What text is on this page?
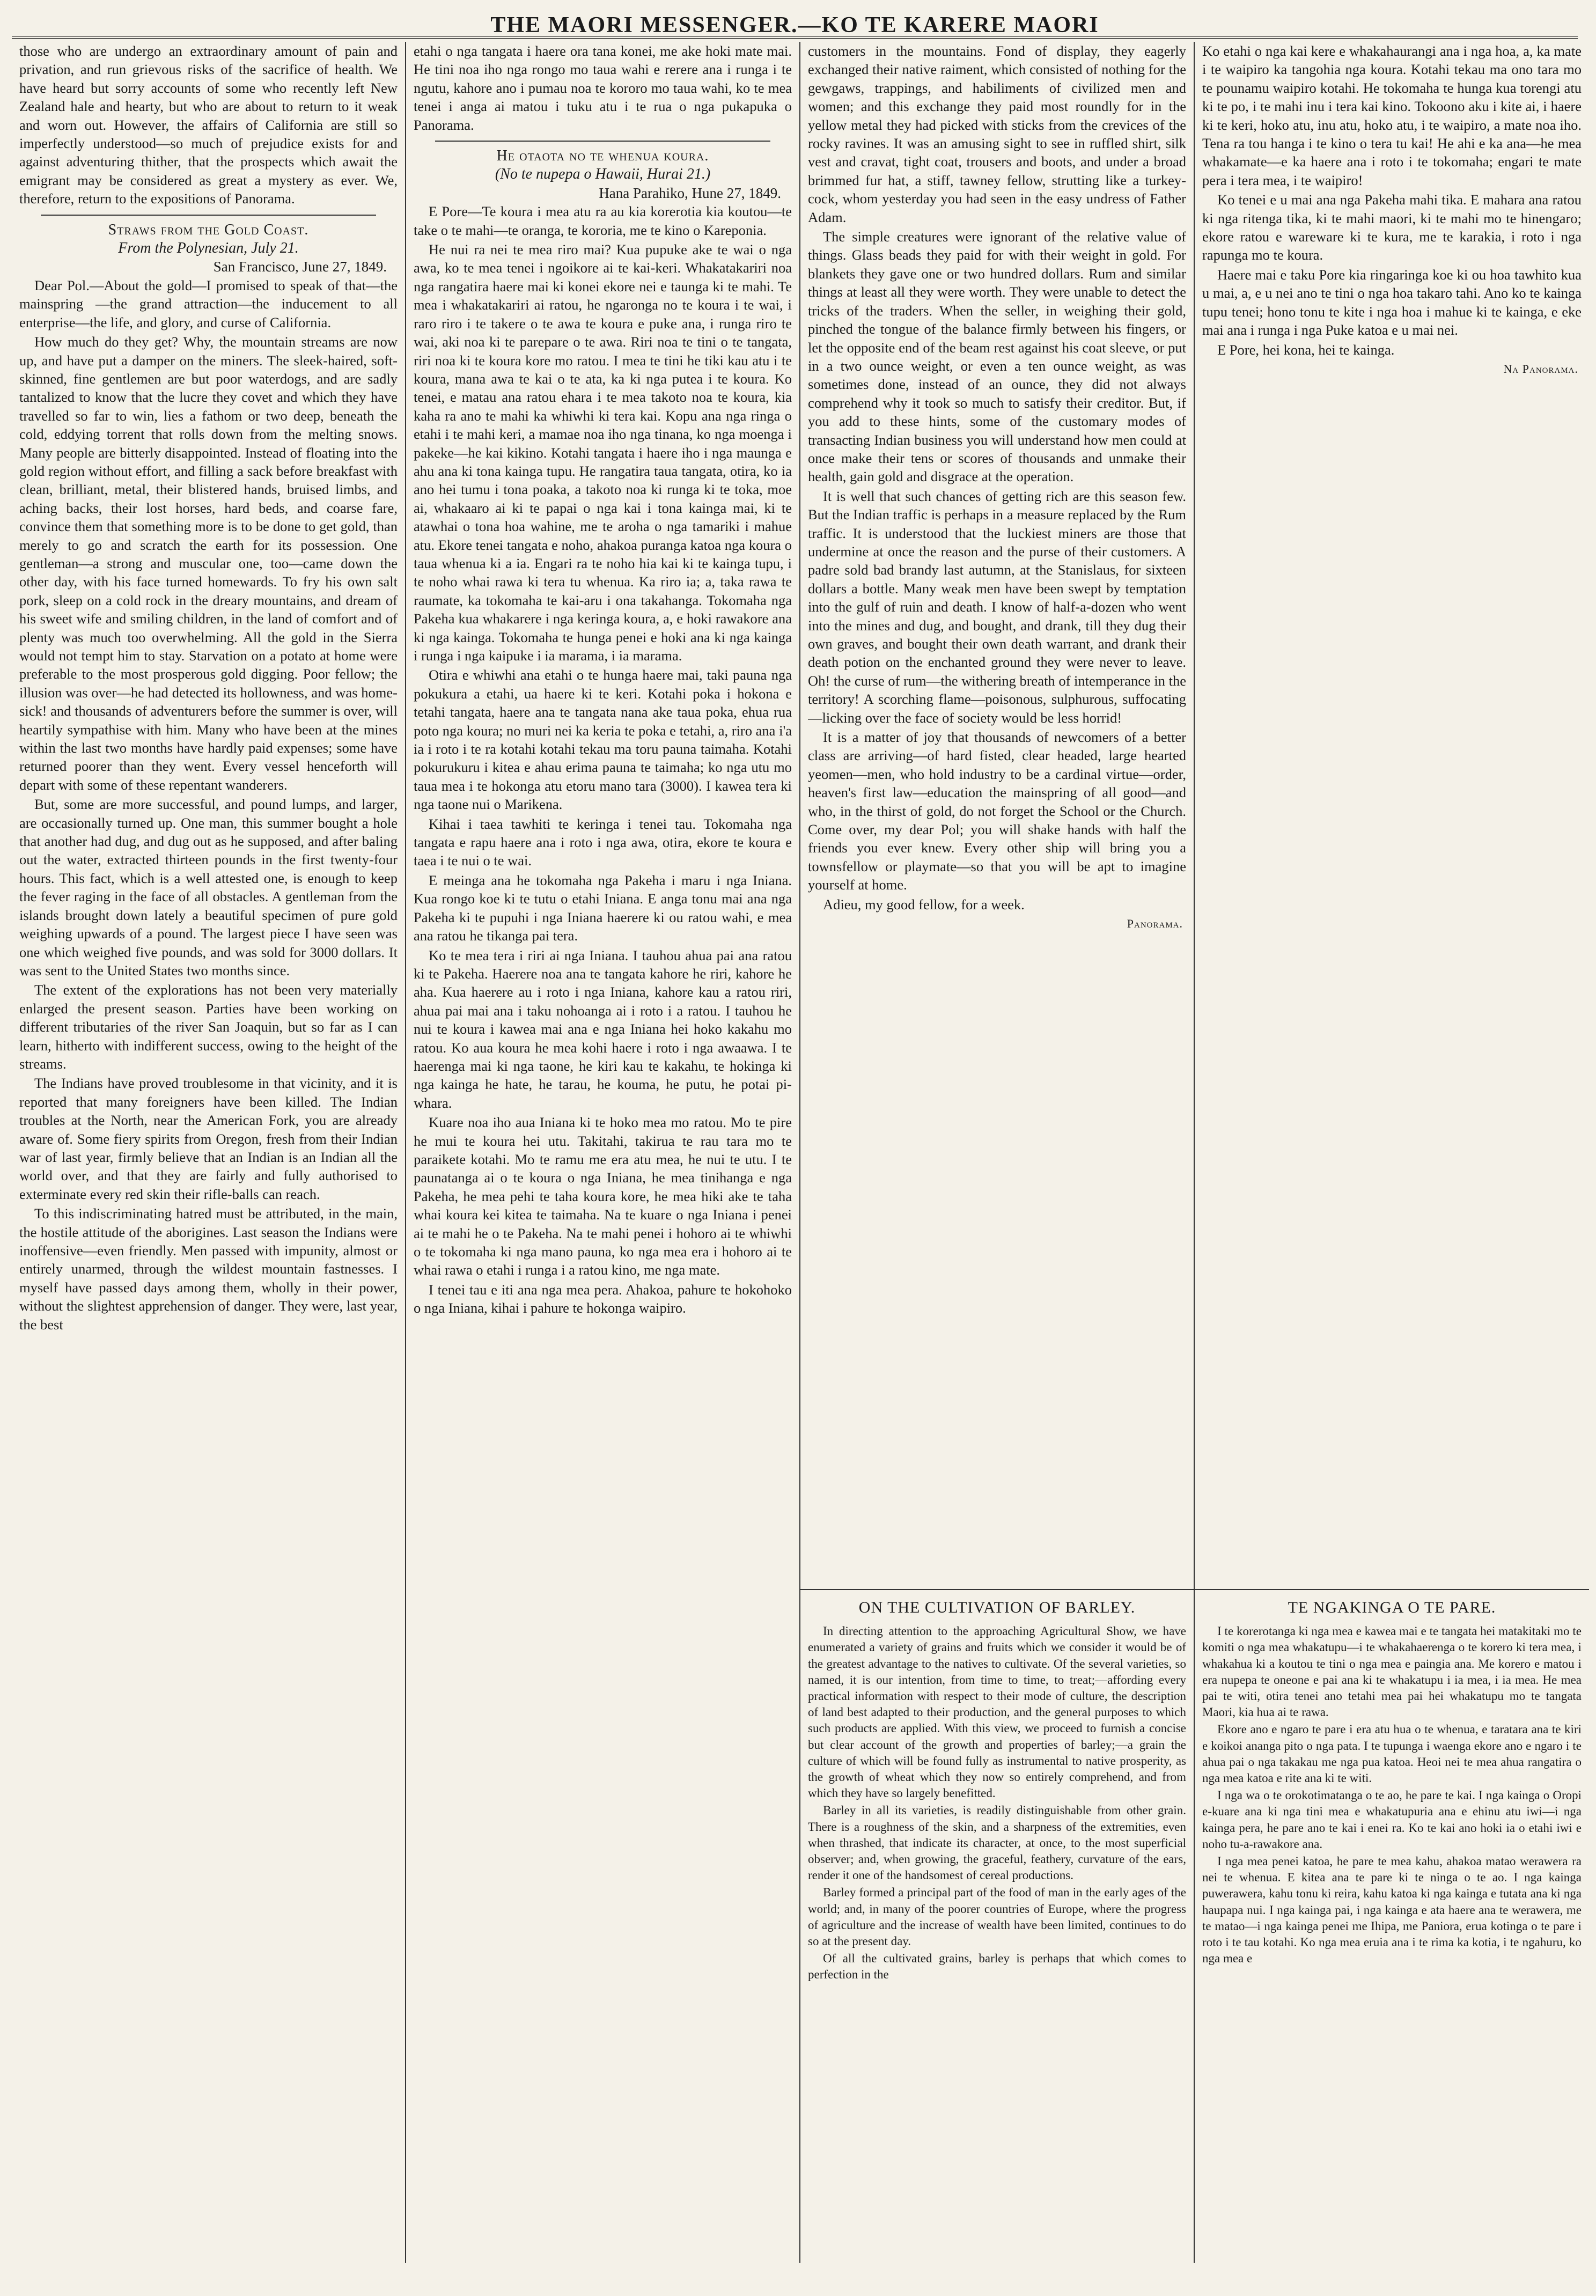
THE MAORI MESSENGER.—KO TE KARERE MAORI

those who are undergo an extraordinary amount of pain and privation, and run grievous risks of the sacrifice of health. We have heard but sorry accounts of some who recently left New Zealand hale and hearty, but who are about to return to it weak and worn out. However, the affairs of California are still so imperfectly understood—so much of prejudice exists for and against adventuring thither, that the prospects which await the emigrant may be considered as great a mystery as ever. We, therefore, return to the expositions of Panorama.

Straws from the Gold Coast.
From the Polynesian, July 21.
San Francisco, June 27, 1849.

Dear Pol.—About the gold—I promised to speak of that—the mainspring —the grand attraction—the inducement to all enterprise—the life, and glory, and curse of California.

How much do they get? Why, the mountain streams are now up, and have put a damper on the miners. The sleek-haired, soft-skinned, fine gentlemen are but poor waterdogs, and are sadly tantalized to know that the lucre they covet and which they have travelled so far to win, lies a fathom or two deep, beneath the cold, eddying torrent that rolls down from the melting snows. Many people are bitterly disappointed. Instead of floating into the gold region without effort, and filling a sack before breakfast with clean, brilliant, metal, their blistered hands, bruised limbs, and aching backs, their lost horses, hard beds, and coarse fare, convince them that something more is to be done to get gold, than merely to go and scratch the earth for its possession. One gentleman—a strong and muscular one, too—came down the other day, with his face turned homewards. To fry his own salt pork, sleep on a cold rock in the dreary mountains, and dream of his sweet wife and smiling children, in the land of comfort and of plenty was much too overwhelming. All the gold in the Sierra would not tempt him to stay. Starvation on a potato at home were preferable to the most prosperous gold digging. Poor fellow; the illusion was over—he had detected its hollowness, and was home-sick! and thousands of adventurers before the summer is over, will heartily sympathise with him. Many who have been at the mines within the last two months have hardly paid expenses; some have returned poorer than they went. Every vessel henceforth will depart with some of these repentant wanderers.

But, some are more successful, and pound lumps, and larger, are occasionally turned up. One man, this summer bought a hole that another had dug, and dug out as he supposed, and after baling out the water, extracted thirteen pounds in the first twenty-four hours. This fact, which is a well attested one, is enough to keep the fever raging in the face of all obstacles. A gentleman from the islands brought down lately a beautiful specimen of pure gold weighing upwards of a pound. The largest piece I have seen was one which weighed five pounds, and was sold for 3000 dollars. It was sent to the United States two months since.

The extent of the explorations has not been very materially enlarged the present season. Parties have been working on different tributaries of the river San Joaquin, but so far as I can learn, hitherto with indifferent success, owing to the height of the streams.

The Indians have proved troublesome in that vicinity, and it is reported that many foreigners have been killed. The Indian troubles at the North, near the American Fork, you are already aware of. Some fiery spirits from Oregon, fresh from their Indian war of last year, firmly believe that an Indian is an Indian all the world over, and that they are fairly and fully authorised to exterminate every red skin their rifle-balls can reach.

To this indiscriminating hatred must be attributed, in the main, the hostile attitude of the aborigines. Last season the Indians were inoffensive—even friendly. Men passed with impunity, almost or entirely unarmed, through the wildest mountain fastnesses. I myself have passed days among them, wholly in their power, without the slightest apprehension of danger. They were, last year, the best

etahi o nga tangata i haere ora tana konei, me ake hoki mate mai. He tini noa iho nga rongo mo taua wahi e rerere ana i runga i te ngutu, kahore ano i pumau noa te kororo mo taua wahi, ko te mea tenei i anga ai matou i tuku atu i te rua o nga pukapuka o Panorama.

He otaota no te whenua koura.
(No te nupepa o Hawaii, Hurai 21.)
Hana Parahiko, Hune 27, 1849.

E Pore—Te koura i mea atu ra au kia korerotia kia koutou—te take o te mahi—te oranga, te kororia, me te kino o Kareponia.

He nui ra nei te mea riro mai? Kua pupuke ake te wai o nga awa, ko te mea tenei i ngoikore ai te kai-keri. Whakatakariri noa nga rangatira haere mai ki konei ekore nei e taunga ki te mahi. Te mea i whakatakariri ai ratou, he ngaronga no te koura i te wai, i raro riro i te takere o te awa te koura e puke ana, i runga riro te wai, aki noa ki te parepare o te awa. Riri noa te tini o te tangata, riri noa ki te koura kore mo ratou. I mea te tini he tiki kau atu i te koura, mana awa te kai o te ata, ka ki nga putea i te koura. Ko tenei, e matau ana ratou ehara i te mea takoto noa te koura, kia kaha ra ano te mahi ka whiwhi ki tera kai. Kopu ana nga ringa o etahi i te mahi keri, a mamae noa iho nga tinana, ko nga moenga i pakeke—he kai kikino. Kotahi tangata i haere iho i nga maunga e ahu ana ki tona kainga tupu. He rangatira taua tangata, otira, ko ia ano hei tumu i tona poaka, a takoto noa ki runga ki te toka, moe ai, whakaaro ai ki te papai o nga kai i tona kainga mai, ki te atawhai o tona hoa wahine, me te aroha o nga tamariki i mahue atu. Ekore tenei tangata e noho, ahakoa puranga katoa nga koura o taua whenua ki a ia. Engari ra te noho hia kai ki te kainga tupu, i te noho whai rawa ki tera tu whenua. Ka riro ia; a, taka rawa te raumate, ka tokomaha te kai-aru i ona takahanga. Tokomaha nga Pakeha kua whakarere i nga keringa koura, a, e hoki rawakore ana ki nga kainga. Tokomaha te hunga penei e hoki ana ki nga kainga i runga i nga kaipuke i ia marama, i ia marama.

Otira e whiwhi ana etahi o te hunga haere mai, taki pauna nga pokukura a etahi, ua haere ki te keri. Kotahi poka i hokona e tetahi tangata, haere ana te tangata nana ake taua poka, ehua rua poto nga koura; no muri nei ka keria te poka e tetahi, a, riro ana i'a ia i roto i te ra kotahi kotahi tekau ma toru pauna taimaha. Kotahi pokurukuru i kitea e ahau erima pauna te taimaha; ko nga utu mo taua mea i te hokonga atu etoru mano tara (3000). I kawea tera ki nga taone nui o Marikena.

Kihai i taea tawhiti te keringa i tenei tau. Tokomaha nga tangata e rapu haere ana i roto i nga awa, otira, ekore te koura e taea i te nui o te wai.

E meinga ana he tokomaha nga Pakeha i maru i nga Iniana. Kua rongo koe ki te tutu o etahi Iniana. E anga tonu mai ana nga Pakeha ki te pupuhi i nga Iniana haerere ki ou ratou wahi, e mea ana ratou he tikanga pai tera.

Ko te mea tera i riri ai nga Iniana. I tauhou ahua pai ana ratou ki te Pakeha. Haerere noa ana te tangata kahore he riri, kahore he aha. Kua haerere au i roto i nga Iniana, kahore kau a ratou riri, ahua pai mai ana i taku nohoanga ai i roto i a ratou. I tauhou he nui te koura i kawea mai ana e nga Iniana hei hoko kakahu mo ratou. Ko aua koura he mea kohi haere i roto i nga awaawa. I te haerenga mai ki nga taone, he kiri kau te kakahu, te hokinga ki nga kainga he hate, he tarau, he kouma, he putu, he potai pi-whara.

Kuare noa iho aua Iniana ki te hoko mea mo ratou. Mo te pire he mui te koura hei utu. Takitahi, takirua te rau tara mo te paraikete kotahi. Mo te ramu me era atu mea, he nui te utu. I te paunatanga ai o te koura o nga Iniana, he mea tinihanga e nga Pakeha, he mea pehi te taha koura kore, he mea hiki ake te taha whai koura kei kitea te taimaha. Na te kuare o nga Iniana i penei ai te mahi he o te Pakeha. Na te mahi penei i hohoro ai te whiwhi o te tokomaha ki nga mano pauna, ko nga mea era i hohoro ai te whai rawa o etahi i runga i a ratou kino, me nga mate.

I tenei tau e iti ana nga mea pera. Ahakoa, pahure te hokohoko o nga Iniana, kihai i pahure te hokonga waipiro.

customers in the mountains. Fond of display, they eagerly exchanged their native raiment, which consisted of nothing for the gewgaws, trappings, and habiliments of civilized men and women; and this exchange they paid most roundly for in the yellow metal they had picked with sticks from the crevices of the rocky ravines. It was an amusing sight to see in ruffled shirt, silk vest and cravat, tight coat, trousers and boots, and under a broad brimmed fur hat, a stiff, tawney fellow, strutting like a turkey-cock, whom yesterday you had seen in the easy undress of Father Adam.

The simple creatures were ignorant of the relative value of things. Glass beads they paid for with their weight in gold. For blankets they gave one or two hundred dollars. Rum and similar things at least all they were worth. They were unable to detect the tricks of the traders. When the seller, in weighing their gold, pinched the tongue of the balance firmly between his fingers, or let the opposite end of the beam rest against his coat sleeve, or put in a two ounce weight, or even a ten ounce weight, as was sometimes done, instead of an ounce, they did not always comprehend why it took so much to satisfy their creditor. But, if you add to these hints, some of the customary modes of transacting Indian business you will understand how men could at once make their tens or scores of thousands and unmake their health, gain gold and disgrace at the operation.

It is well that such chances of getting rich are this season few. But the Indian traffic is perhaps in a measure replaced by the Rum traffic. It is understood that the luckiest miners are those that undermine at once the reason and the purse of their customers. A padre sold bad brandy last autumn, at the Stanislaus, for sixteen dollars a bottle. Many weak men have been swept by temptation into the gulf of ruin and death. I know of half-a-dozen who went into the mines and dug, and bought, and drank, till they dug their own graves, and bought their own death warrant, and drank their death potion on the enchanted ground they were never to leave. Oh! the curse of rum—the withering breath of intemperance in the territory! A scorching flame—poisonous, sulphurous, suffocating—licking over the face of society would be less horrid!

It is a matter of joy that thousands of newcomers of a better class are arriving—of hard fisted, clear headed, large hearted yeomen—men, who hold industry to be a cardinal virtue—order, heaven's first law—education the mainspring of all good—and who, in the thirst of gold, do not forget the School or the Church. Come over, my dear Pol; you will shake hands with half the friends you ever knew. Every other ship will bring you a townsfellow or playmate—so that you will be apt to imagine yourself at home.

Adieu, my good fellow, for a week.

Panorama.
ON THE CULTIVATION OF BARLEY.

In directing attention to the approaching Agricultural Show, we have enumerated a variety of grains and fruits which we consider it would be of the greatest advantage to the natives to cultivate. Of the several varieties, so named, it is our intention, from time to time, to treat;—affording every practical information with respect to their mode of culture, the description of land best adapted to their production, and the general purposes to which such products are applied. With this view, we proceed to furnish a concise but clear account of the growth and properties of barley;—a grain the culture of which will be found fully as instrumental to native prosperity, as the growth of wheat which they now so entirely comprehend, and from which they have so largely benefitted.

Barley in all its varieties, is readily distinguishable from other grain. There is a roughness of the skin, and a sharpness of the extremities, even when thrashed, that indicate its character, at once, to the most superficial observer; and, when growing, the graceful, feathery, curvature of the ears, render it one of the handsomest of cereal productions.

Barley formed a principal part of the food of man in the early ages of the world; and, in many of the poorer countries of Europe, where the progress of agriculture and the increase of wealth have been limited, continues to do so at the present day.

Of all the cultivated grains, barley is perhaps that which comes to perfection in the

Ko etahi o nga kai kere e whakahaurangi ana i nga hoa, a, ka mate i te waipiro ka tangohia nga koura. Kotahi tekau ma ono tara mo te pounamu waipiro kotahi. He tokomaha te hunga kua torengi atu ki te po, i te mahi inu i tera kai kino. Tokoono aku i kite ai, i haere ki te keri, hoko atu, inu atu, hoko atu, i te waipiro, a mate noa iho. Tena ra tou hanga i te kino o tera tu kai! He ahi e ka ana—he mea whakamate—e ka haere ana i roto i te tokomaha; engari te mate pera i tera mea, i te waipiro!

Ko tenei e u mai ana nga Pakeha mahi tika. E mahara ana ratou ki nga ritenga tika, ki te mahi maori, ki te mahi mo te hinengaro; ekore ratou e wareware ki te kura, me te karakia, i roto i nga rapunga mo te koura.

Haere mai e taku Pore kia ringaringa koe ki ou hoa tawhito kua u mai, a, e u nei ano te tini o nga hoa takaro tahi. Ano ko te kainga tupu tenei; hono tonu te kite i nga hoa i mahue ki te kainga, e eke mai ana i runga i nga Puke katoa e u mai nei.

E Pore, hei kona, hei te kainga.

Na Panorama.
TE NGAKINGA O TE PARE.

I te korerotanga ki nga mea e kawea mai e te tangata hei matakitaki mo te komiti o nga mea whakatupu—i te whakahaerenga o te korero ki tera mea, i whakahua ki a koutou te tini o nga mea e paingia ana. Me korero e matou i era nupepa te oneone e pai ana ki te whakatupu i ia mea, i ia mea. He mea pai te witi, otira tenei ano tetahi mea pai hei whakatupu mo te tangata Maori, kia hua ai te rawa.

Ekore ano e ngaro te pare i era atu hua o te whenua, e taratara ana te kiri e koikoi ananga pito o nga pata. I te tupunga i waenga ekore ano e ngaro i te ahua pai o nga takakau me nga pua katoa. Heoi nei te mea ahua rangatira o nga mea katoa e rite ana ki te witi.

I nga wa o te orokotimatanga o te ao, he pare te kai. I nga kainga o Oropi e-kuare ana ki nga tini mea e whakatupuria ana e ehinu atu iwi—i nga kainga pera, he pare ano te kai i enei ra. Ko te kai ano hoki ia o etahi iwi e noho tu-a-rawakore ana.

I nga mea penei katoa, he pare te mea kahu, ahakoa matao werawera ra nei te whenua. E kitea ana te pare ki te ninga o te ao. I nga kainga puwerawera, kahu tonu ki reira, kahu katoa ki nga kainga e tutata ana ki nga haupapa nui. I nga kainga pai, i nga kainga e ata haere ana te werawera, me te matao—i nga kainga penei me Ihipa, me Paniora, erua kotinga o te pare i roto i te tau kotahi. Ko nga mea eruia ana i te rima ka kotia, i te ngahuru, ko nga mea e
